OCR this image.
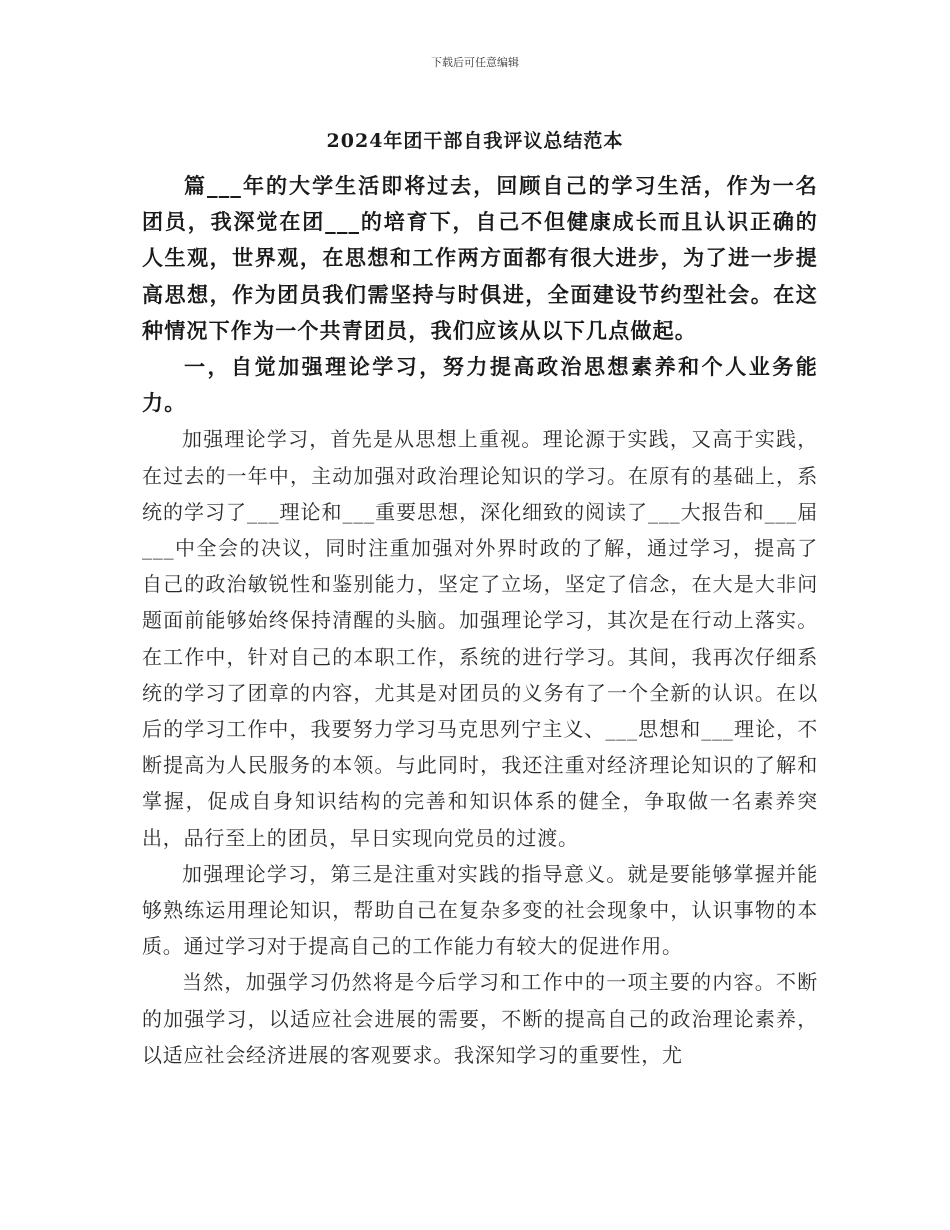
下载后可任意编辑
2024年团干部自我评议总结范本

篇___年的大学生活即将过去，回顾自己的学习生活，作为一名团员，我深觉在团___的培育下，自己不但健康成长而且认识正确的人生观，世界观，在思想和工作两方面都有很大进步，为了进一步提高思想，作为团员我们需坚持与时俱进，全面建设节约型社会。在这种情况下作为一个共青团员，我们应该从以下几点做起。

一，自觉加强理论学习，努力提高政治思想素养和个人业务能力。

加强理论学习，首先是从思想上重视。理论源于实践，又高于实践，在过去的一年中，主动加强对政治理论知识的学习。在原有的基础上，系统的学习了___理论和___重要思想，深化细致的阅读了___大报告和___届___中全会的决议，同时注重加强对外界时政的了解，通过学习，提高了自己的政治敏锐性和鉴别能力，坚定了立场，坚定了信念，在大是大非问题面前能够始终保持清醒的头脑。加强理论学习，其次是在行动上落实。在工作中，针对自己的本职工作，系统的进行学习。其间，我再次仔细系统的学习了团章的内容，尤其是对团员的义务有了一个全新的认识。在以后的学习工作中，我要努力学习马克思列宁主义、___思想和___理论，不断提高为人民服务的本领。与此同时，我还注重对经济理论知识的了解和掌握，促成自身知识结构的完善和知识体系的健全，争取做一名素养突出，品行至上的团员，早日实现向党员的过渡。

加强理论学习，第三是注重对实践的指导意义。就是要能够掌握并能够熟练运用理论知识，帮助自己在复杂多变的社会现象中，认识事物的本质。通过学习对于提高自己的工作能力有较大的促进作用。

当然，加强学习仍然将是今后学习和工作中的一项主要的内容。不断的加强学习，以适应社会进展的需要，不断的提高自己的政治理论素养，以适应社会经济进展的客观要求。我深知学习的重要性，尤
